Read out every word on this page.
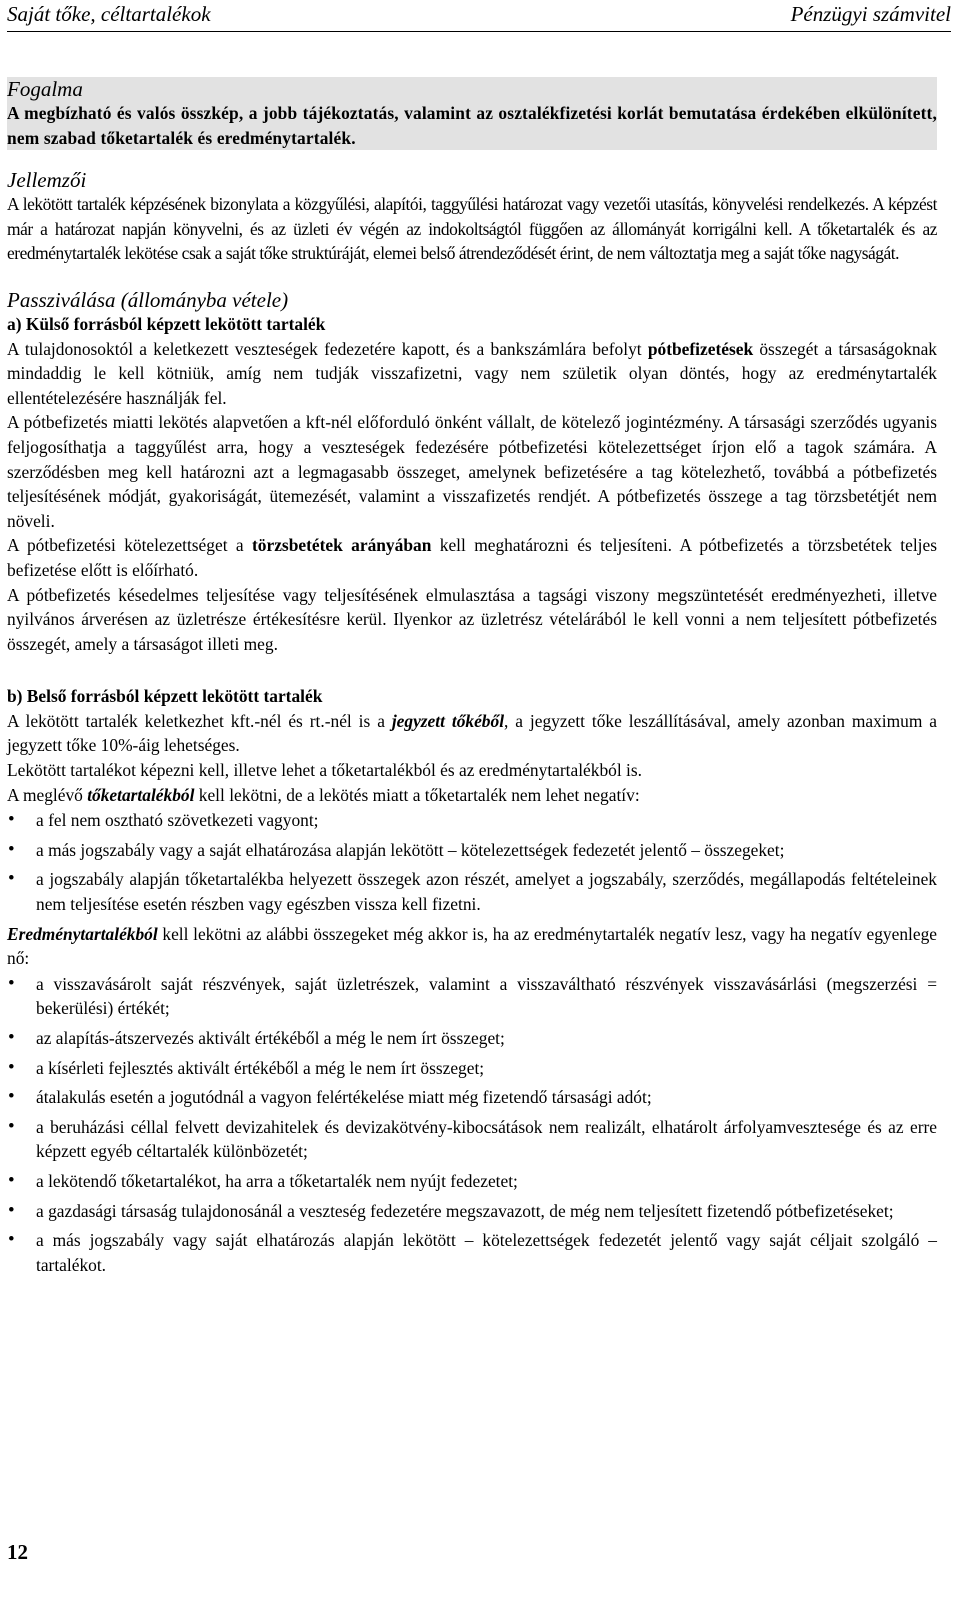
Saját tőke, céltartalékok	Pénzügyi számvitel
Fogalma

A megbízható és valós összkép, a jobb tájékoztatás, valamint az osztalékfizetési korlát bemutatása érdekében elkülönített, nem szabad tőketartalék és eredménytartalék.

Jellemzői

A lekötött tartalék képzésének bizonylata a közgyűlési, alapítói, taggyűlési határozat vagy vezetői utasítás, könyvelési rendelkezés. A képzést már a határozat napján könyvelni, és az üzleti év végén az indokoltságtól függően az állományát korrigálni kell. A tőketartalék és az eredménytartalék lekötése csak a saját tőke struktúráját, elemei belső átrendeződését érint, de nem változtatja meg a saját tőke nagyságát.

Passziválása (állományba vétele)

a) Külső forrásból képzett lekötött tartalék

A tulajdonosoktól a keletkezett veszteségek fedezetére kapott, és a bankszámlára befolyt pótbefizetések összegét a társaságoknak mindaddig le kell kötniük, amíg nem tudják visszafizetni, vagy nem születik olyan döntés, hogy az eredménytartalék ellentételezésére használják fel.

A pótbefizetés miatti lekötés alapvetően a kft-nél előforduló önként vállalt, de kötelező jogintézmény. A társasági szerződés ugyanis feljogosíthatja a taggyűlést arra, hogy a veszteségek fedezésére pótbefizetési kötelezettséget írjon elő a tagok számára. A szerződésben meg kell határozni azt a legmagasabb összeget, amelynek befizetésére a tag kötelezhető, továbbá a pótbefizetés teljesítésének módját, gyakoriságát, ütemezését, valamint a visszafizetés rendjét. A pótbefizetés összege a tag törzsbetétjét nem növeli.

A pótbefizetési kötelezettséget a törzsbetétek arányában kell meghatározni és teljesíteni. A pótbefizetés a törzsbetétek teljes befizetése előtt is előírható.

A pótbefizetés késedelmes teljesítése vagy teljesítésének elmulasztása a tagsági viszony megszüntetését eredményezheti, illetve nyilvános árverésen az üzletrésze értékesítésre kerül. Ilyenkor az üzletrész vételárából le kell vonni a nem teljesített pótbefizetés összegét, amely a társaságot illeti meg.

b) Belső forrásból képzett lekötött tartalék

A lekötött tartalék keletkezhet kft.-nél és rt.-nél is a jegyzett tőkéből, a jegyzett tőke leszállításával, amely azonban maximum a jegyzett tőke 10%-áig lehetséges.

Lekötött tartalékot képezni kell, illetve lehet a tőketartalékból és az eredménytartalékból is.

A meglévő tőketartalékból kell lekötni, de a lekötés miatt a tőketartalék nem lehet negatív:

• a fel nem osztható szövetkezeti vagyont;
• a más jogszabály vagy a saját elhatározása alapján lekötött – kötelezettségek fedezetét jelentő – összegeket;
• a jogszabály alapján tőketartalékba helyezett összegek azon részét, amelyet a jogszabály, szerződés, megállapodás feltételeinek nem teljesítése esetén részben vagy egészben vissza kell fizetni.

Eredménytartalékból kell lekötni az alábbi összegeket még akkor is, ha az eredménytartalék negatív lesz, vagy ha negatív egyenlege nő:

• a visszavásárolt saját részvények, saját üzletrészek, valamint a visszaváltható részvények visszavásárlási (megszerzési = bekerülési) értékét;
• az alapítás-átszervezés aktivált értékéből a még le nem írt összeget;
• a kísérleti fejlesztés aktivált értékéből a még le nem írt összeget;
• átalakulás esetén a jogutódnál a vagyon felértékelése miatt még fizetendő társasági adót;
• a beruházási céllal felvett devizahitelek és devizakötvény-kibocsátások nem realizált, elhatárolt árfolyamvesztesége és az erre képzett egyéb céltartalék különbözetét;
• a lekötendő tőketartalékot, ha arra a tőketartalék nem nyújt fedezetet;
• a gazdasági társaság tulajdonosánál a veszteség fedezetére megszavazott, de még nem teljesített fizetendő pótbefizetéseket;
• a más jogszabály vagy saját elhatározás alapján lekötött – kötelezettségek fedezetét jelentő vagy saját céljait szolgáló – tartalékot.
12
